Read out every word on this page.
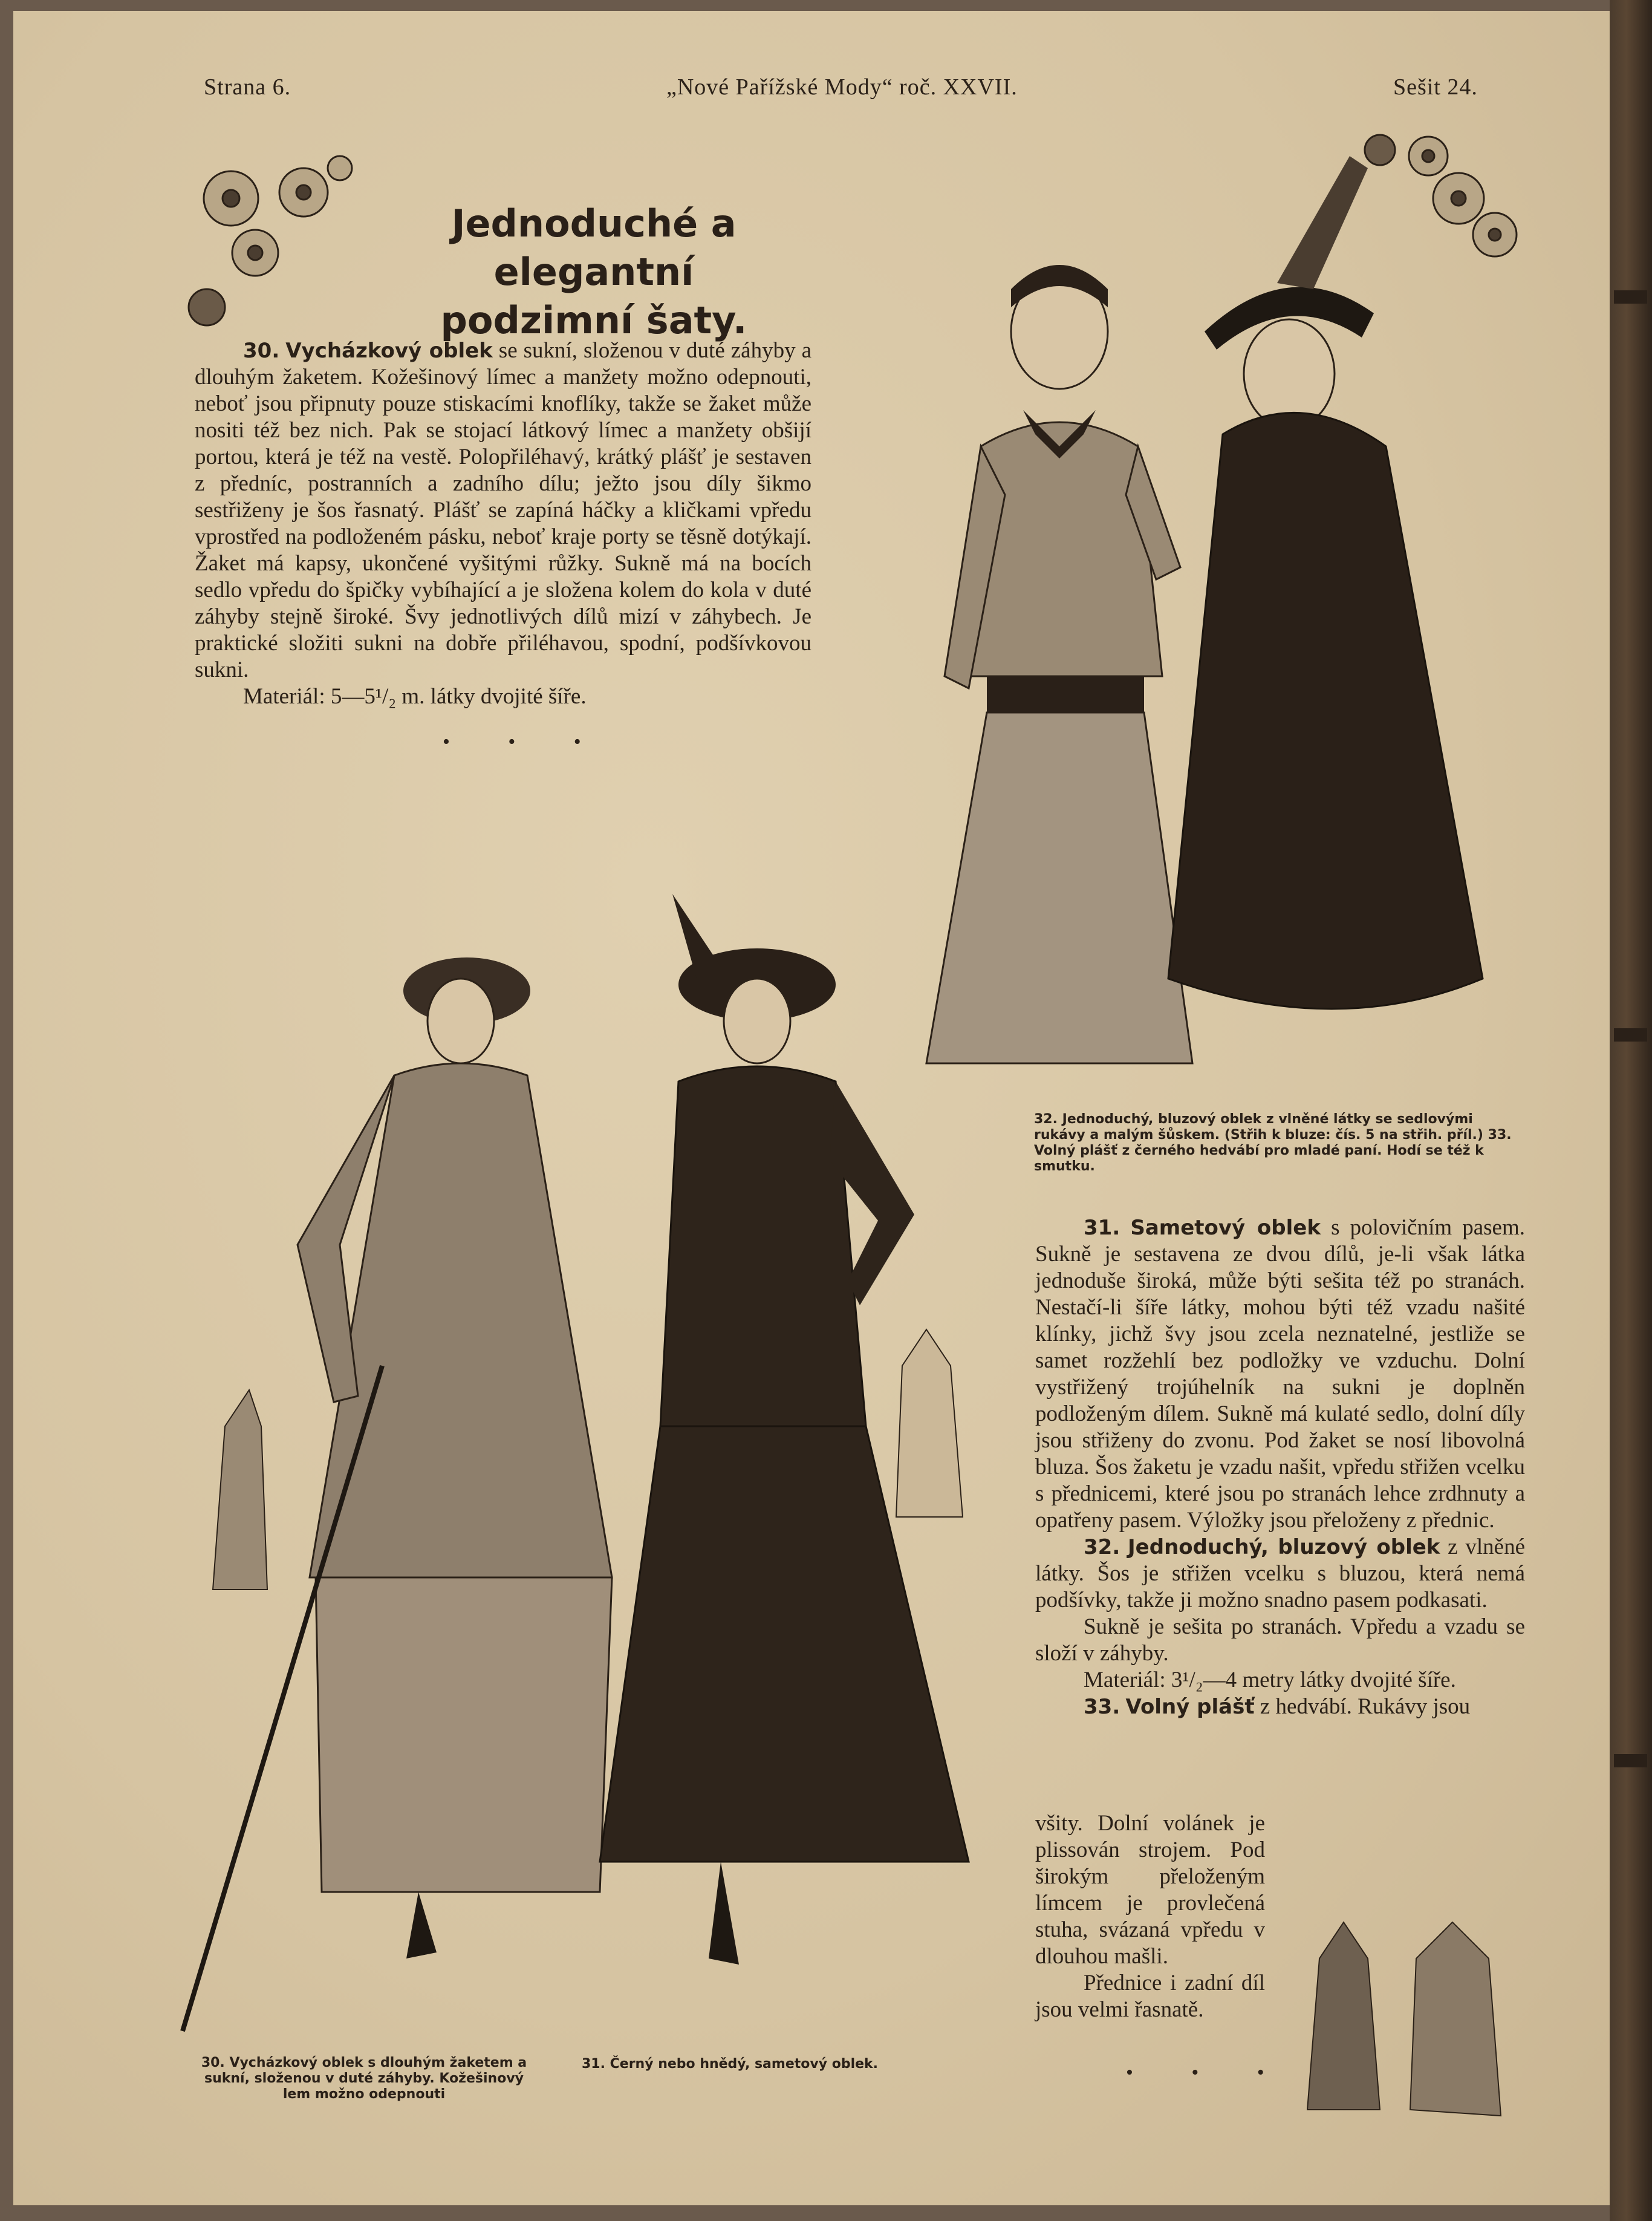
Strana 6.	„Nové Pařížské Mody“ roč. XXVII.	Sešit 24.
Jednoduché a elegantní
podzimní šaty.

30. Vycházkový oblek se sukní, složenou v duté záhyby a dlouhým žaketem. Kožešinový límec a manžety možno odepnouti, neboť jsou připnuty pouze stiskacími knoflíky, takže se žaket může nositi též bez nich. Pak se stojací látkový límec a manžety obšijí portou, která je též na vestě. Polopřiléhavý, krátký plášť je sestaven z předníc, postranních a zadního dílu; ježto jsou díly šikmo sestřiženy je šos řasnatý. Plášť se zapíná háčky a kličkami vpředu vprostřed na podloženém pásku, neboť kraje porty se těsně dotýkají. Žaket má kapsy, ukončené vyšitými růžky. Sukně má na bocích sedlo vpředu do špičky vybíhající a je složena kolem do kola v duté záhyby stejně široké. Švy jednotlivých dílů mizí v záhybech. Je praktické složiti sukni na dobře přiléhavou, spodní, podšívkovou sukni.

Materiál: 5—5¹/₂ m. látky dvojité šíře.

• • •
32. Jednoduchý, bluzový oblek z vlněné látky se sedlovými rukávy a malým šůskem. (Střih k bluze: čís. 5 na střih. příl.) 33. Volný plášť z černého hedvábí pro mladé paní. Hodí se též k smutku.
30. Vycházkový oblek s dlouhým žaketem a sukní, složenou v duté záhyby. Kožešinový lem možno odepnouti
31. Černý nebo hnědý, sametový oblek.

31. Sametový oblek s polovičním pasem. Sukně je sestavena ze dvou dílů, je-li však látka jednoduše široká, může býti sešita též po stranách. Nestačí-li šíře látky, mohou býti též vzadu našité klínky, jichž švy jsou zcela neznatelné, jestliže se samet rozžehlí bez podložky ve vzduchu. Dolní vystřižený trojúhelník na sukni je doplněn podloženým dílem. Sukně má kulaté sedlo, dolní díly jsou střiženy do zvonu. Pod žaket se nosí libovolná bluza. Šos žaketu je vzadu našit, vpředu střižen vcelku s přednicemi, které jsou po stranách lehce zrdhnuty a opatřeny pasem. Výložky jsou přeloženy z přednic.

32. Jednoduchý, bluzový oblek z vlněné látky. Šos je střižen vcelku s bluzou, která nemá podšívky, takže ji možno snadno pasem podkasati.

Sukně je sešita po stranách. Vpředu a vzadu se složí v záhyby.

Materiál: 3¹/₂—4 metry látky dvojité šíře.

33. Volný plášť z hedvábí. Rukávy jsou

všity. Dolní volánek je plissován strojem. Pod širokým přeloženým límcem je provlečená stuha, svázaná vpředu v dlouhou mašli.

Přednice i zadní díl jsou velmi řasnatě.

• • •
